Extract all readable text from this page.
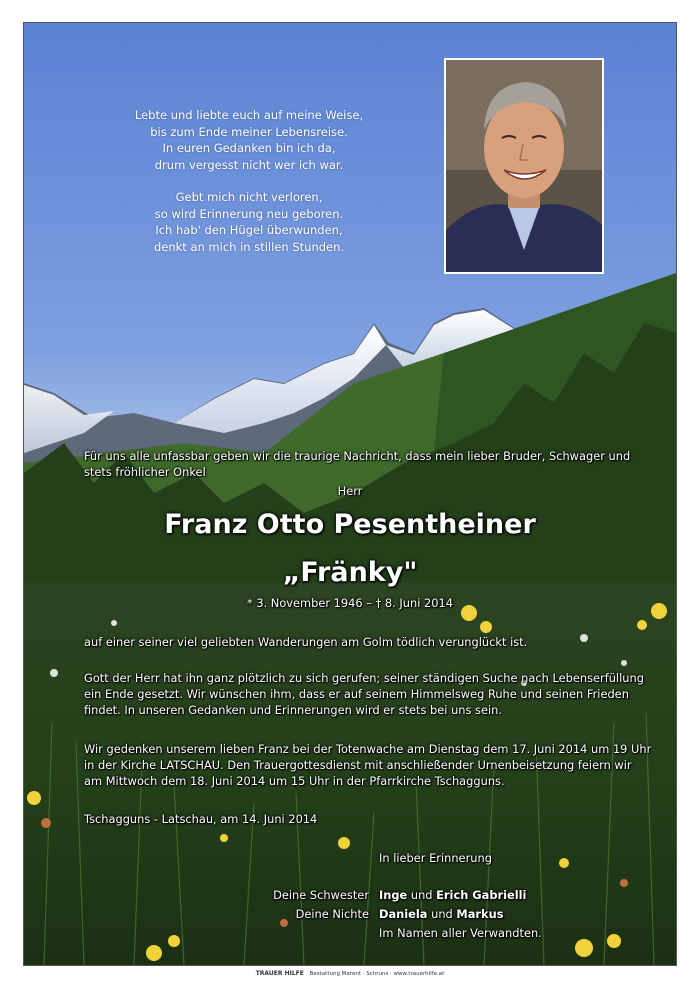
Lebte und liebte euch auf meine Weise,

bis zum Ende meiner Lebensreise.

In euren Gedanken bin ich da,

drum vergesst nicht wer ich war.

Gebt mich nicht verloren,

so wird Erinnerung neu geboren.

Ich hab' den Hügel überwunden,

denkt an mich in stillen Stunden.

Für uns alle unfassbar geben wir die traurige Nachricht, dass mein lieber Bruder, Schwager und
stets fröhlicher Onkel
Herr
Franz Otto Pesentheiner
„Fränky"
* 3. November 1946 – † 8. Juni 2014
auf einer seiner viel geliebten Wanderungen am Golm tödlich verunglückt ist.
Gott der Herr hat ihn ganz plötzlich zu sich gerufen; seiner ständigen Suche nach Lebenserfüllung
ein Ende gesetzt. Wir wünschen ihm, dass er auf seinem Himmelsweg Ruhe und seinen Frieden
findet. In unseren Gedanken und Erinnerungen wird er stets bei uns sein.
Wir gedenken unserem lieben Franz bei der Totenwache am Dienstag dem 17. Juni 2014 um 19 Uhr
in der Kirche LATSCHAU. Den Trauergottesdienst mit anschließender Urnenbeisetzung feiern wir
am Mittwoch dem 18. Juni 2014 um 15 Uhr in der Pfarrkirche Tschagguns.
Tschagguns - Latschau, am 14. Juni 2014
In lieber Erinnerung
Deine Schwester Inge und Erich Gabrielli
Deine Nichte Daniela und Markus
Im Namen aller Verwandten.
TRAUER HILFE Bestattung Marent · Schruns · www.trauerhilfe.at
